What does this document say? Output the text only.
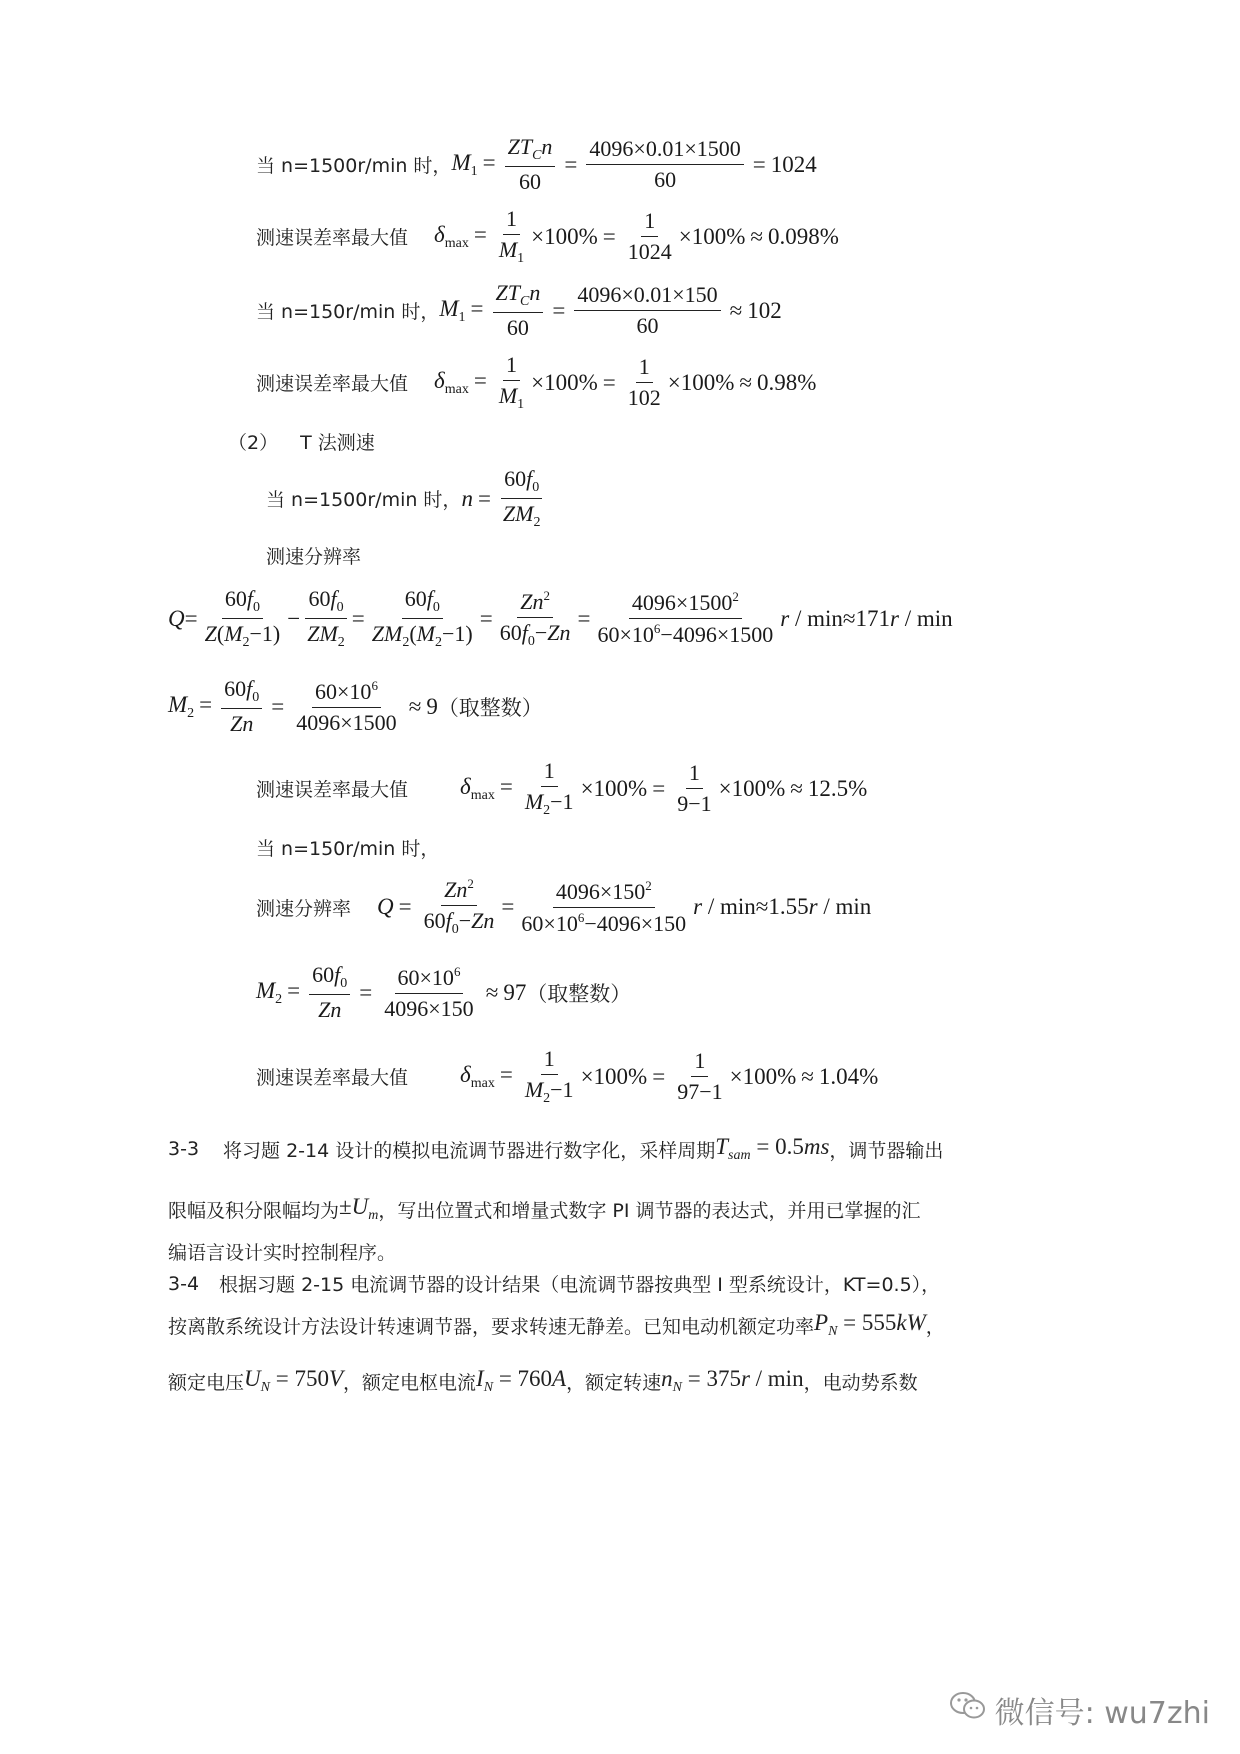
当 n=1500r/min 时， $M_1 = \frac{ZT_Cn}{60} = \frac{4096\times 0.01\times 1500}{60} = 1024$
测速误差率最大值 $\delta_{max} = \frac{1}{M_1} \times 100\% = \frac{1}{1024} \times 100\% \approx 0.098\%$
当 n=150r/min 时， $M_1 = \frac{ZT_Cn}{60} = \frac{4096\times 0.01\times 150}{60} \approx 102$
测速误差率最大值 $\delta_{max} = \frac{1}{M_1} \times 100\% = \frac{1}{102} \times 100\% \approx 0.98\%$
（2） T 法测速
当 n=1500r/min 时， $n = \frac{60f_0}{ZM_2}$
测速分辨率
$Q= \frac{60f_0}{Z(M_2-1)} - \frac{60f_0}{ZM_2} = \frac{60f_0}{ZM_2(M_2-1)} = \frac{Zn^2}{60f_0-Zn} = \frac{4096\times 1500^2}{60\times 10^6-4096\times 1500}$ r / min≈171r / min
$M_2 = \frac{60f_0}{Zn} = \frac{60\times 10^6}{4096\times 1500} \approx 9$ （取整数）
测速误差率最大值 $\delta_{max} = \frac{1}{M_2-1} \times 100\% = \frac{1}{9-1} \times 100\% \approx 12.5\%$
当 n=150r/min 时，
测速分辨率 $Q = \frac{Zn^2}{60f_0-Zn} = \frac{4096\times 150^2}{60\times 10^6-4096\times 150}$ r / min≈1.55r / min
$M_2 = \frac{60f_0}{Zn} = \frac{60\times 10^6}{4096\times 150} \approx 97$ （取整数）
测速误差率最大值 $\delta_{max} = \frac{1}{M_2-1} \times 100\% = \frac{1}{97-1} \times 100\% \approx 1.04\%$
3-3 将习题 2-14 设计的模拟电流调节器进行数字化，采样周期 $T_{sam} = 0.5ms$ ，调节器输出
限幅及积分限幅均为 $\pm U_m$ ，写出位置式和增量式数字 PI 调节器的表达式，并用已掌握的汇
编语言设计实时控制程序。
3-4 根据习题 2-15 电流调节器的设计结果（电流调节器按典型 I 型系统设计，KT=0.5），
按离散系统设计方法设计转速调节器，要求转速无静差。已知电动机额定功率 $P_N = 555kW$ ，
额定电压 $U_N = 750V$ ，额定电枢电流 $I_N = 760A$ ，额定转速 $n_N = 375r / \min$ ，电动势系数
微信号: wu7zhi
